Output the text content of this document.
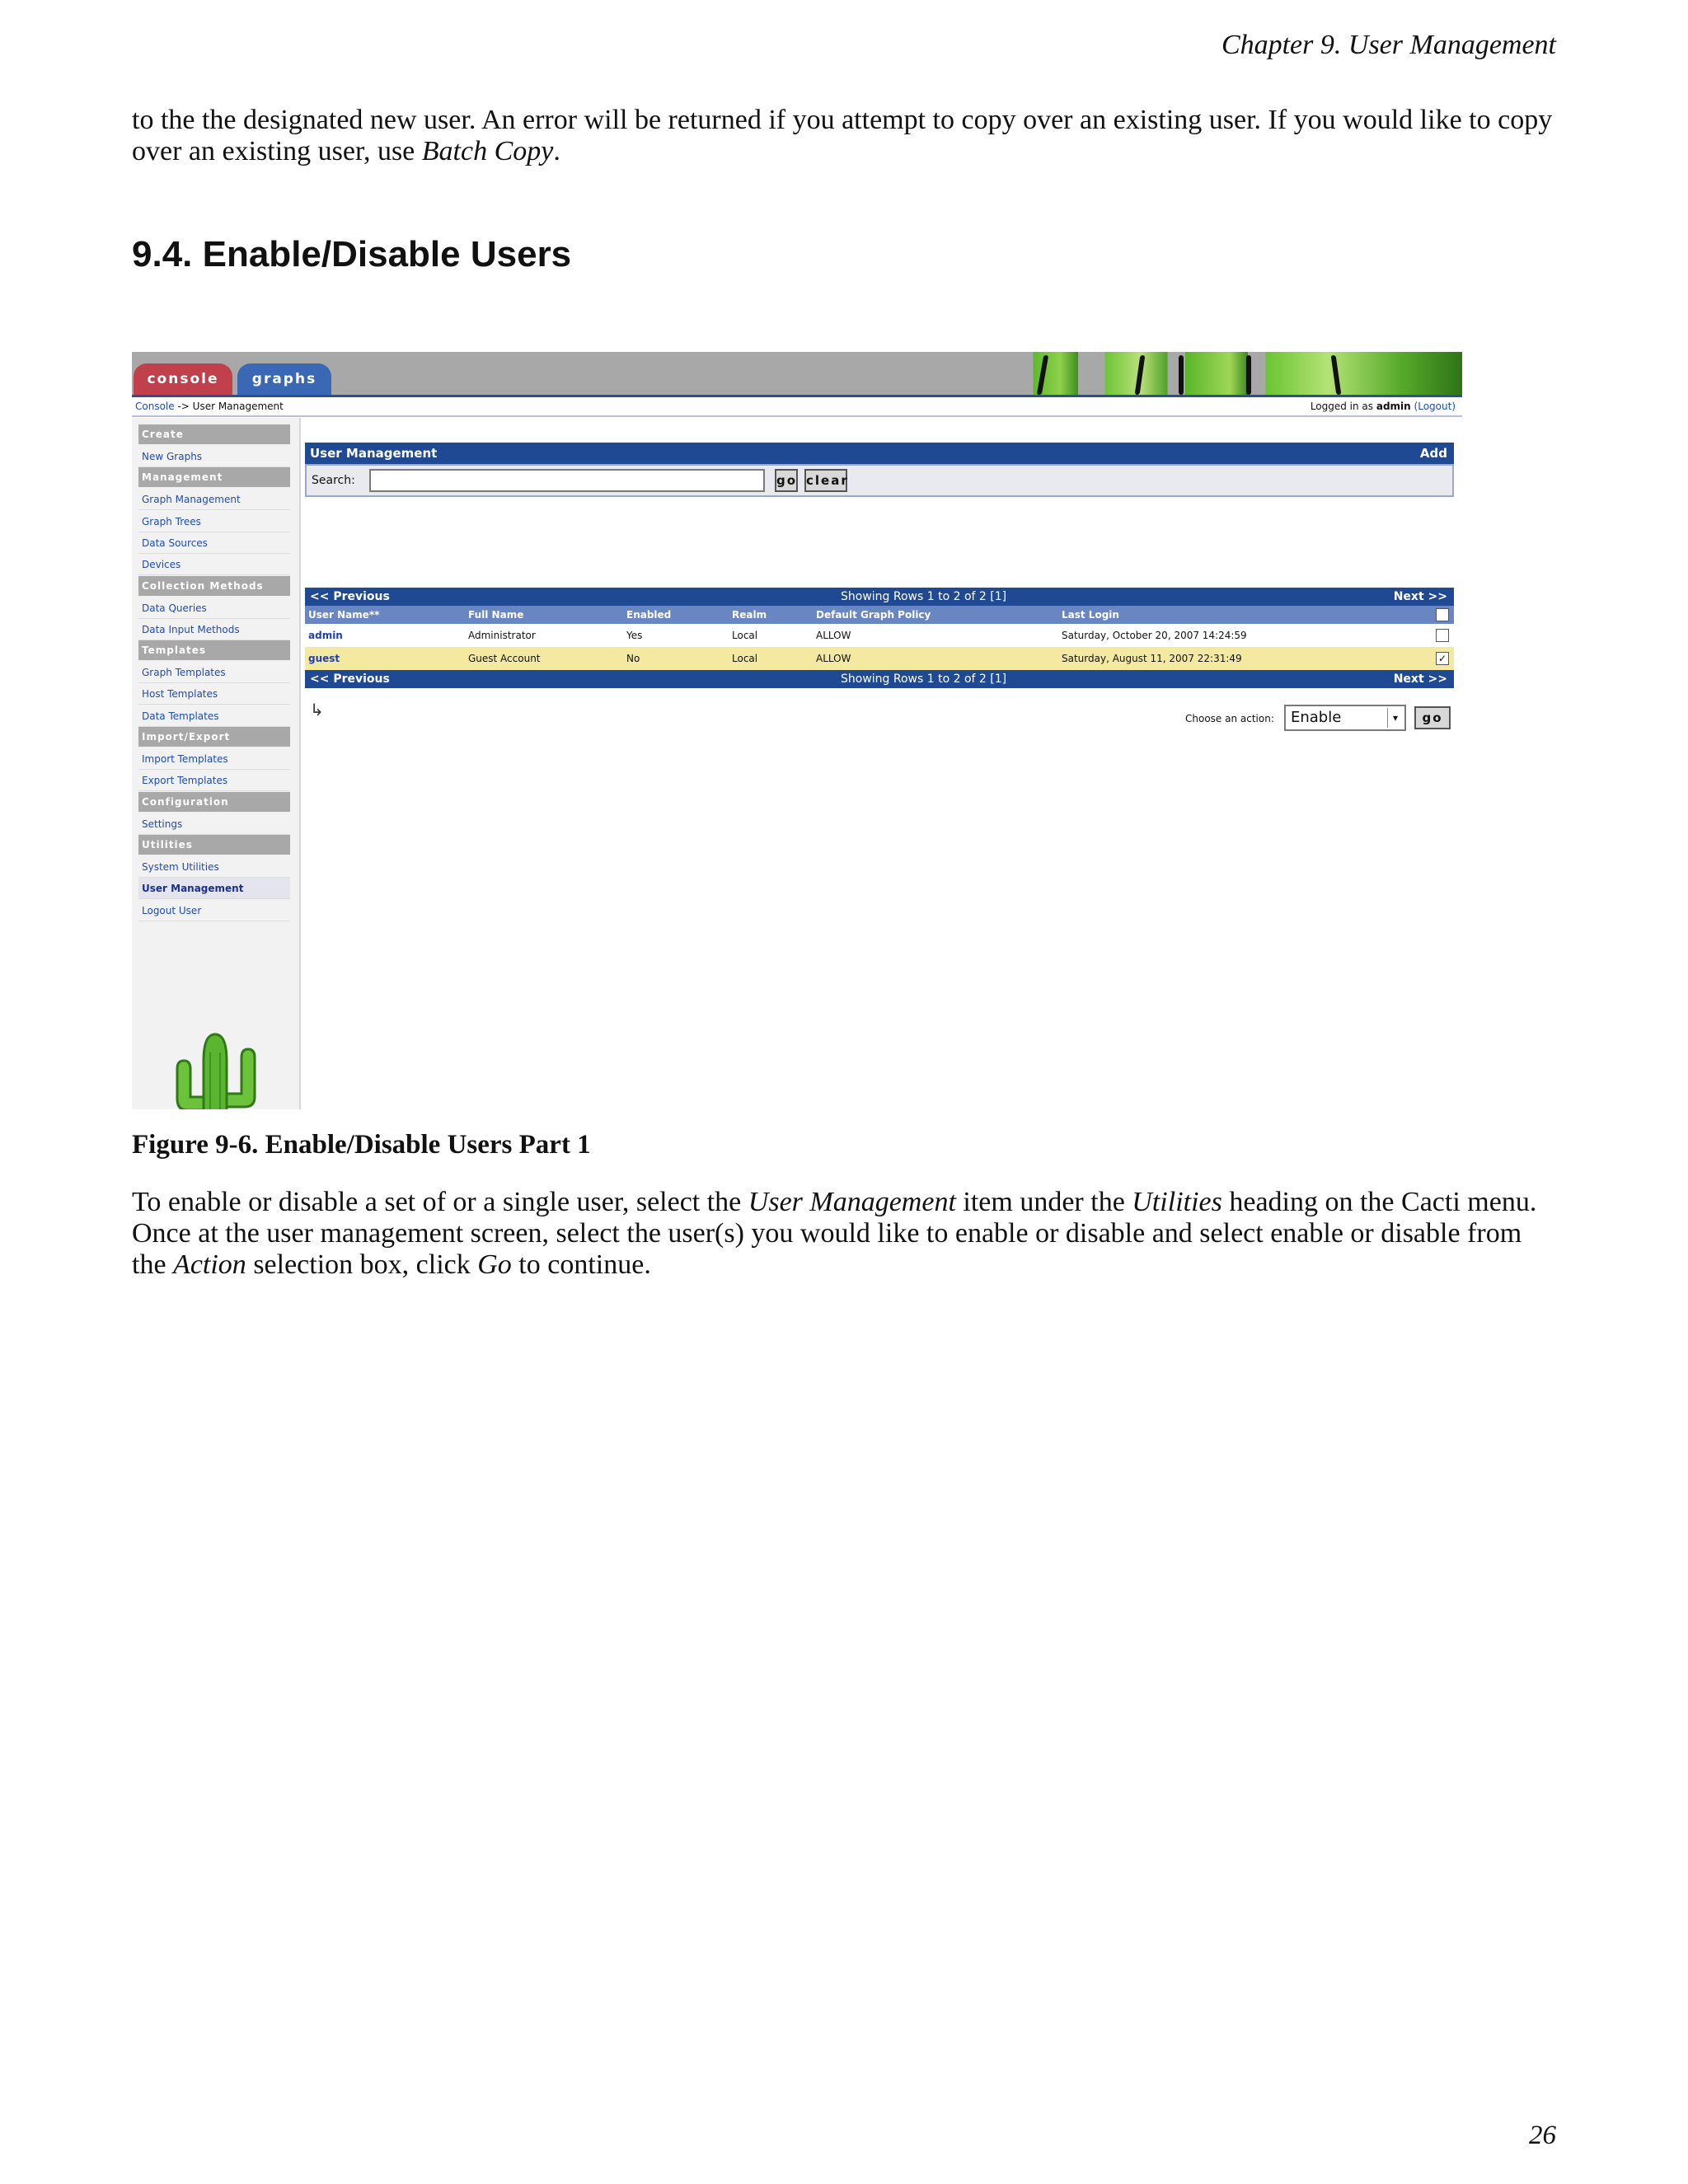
Chapter 9. User Management
to the the designated new user. An error will be returned if you attempt to copy over an existing user. If you would like to copy over an existing user, use Batch Copy.
9.4. Enable/Disable Users
console	graphs
Console -> User Management	Logged in as admin (Logout)
Create
New Graphs
Management
Graph Management
Graph Trees
Data Sources
Devices
Collection Methods
Data Queries
Data Input Methods
Templates
Graph Templates
Host Templates
Data Templates
Import/Export
Import Templates
Export Templates
Configuration
Settings
Utilities
System Utilities
User Management
Logout User
User Management	Add
Search:	go clear
<< Previous	Showing Rows 1 to 2 of 2 [1]	Next >>
User Name**	Full Name	Enabled	Realm	Default Graph Policy	Last Login
admin	Administrator	Yes	Local	ALLOW	Saturday, October 20, 2007 14:24:59
guest	Guest Account	No	Local	ALLOW	Saturday, August 11, 2007 22:31:49	✓
<< Previous	Showing Rows 1 to 2 of 2 [1]	Next >>
↳	Choose an action:	Enable	▾	go
Figure 9-6. Enable/Disable Users Part 1
To enable or disable a set of or a single user, select the User Management item under the Utilities heading on the Cacti menu. Once at the user management screen, select the user(s) you would like to enable or disable and select enable or disable from the Action selection box, click Go to continue.
26
